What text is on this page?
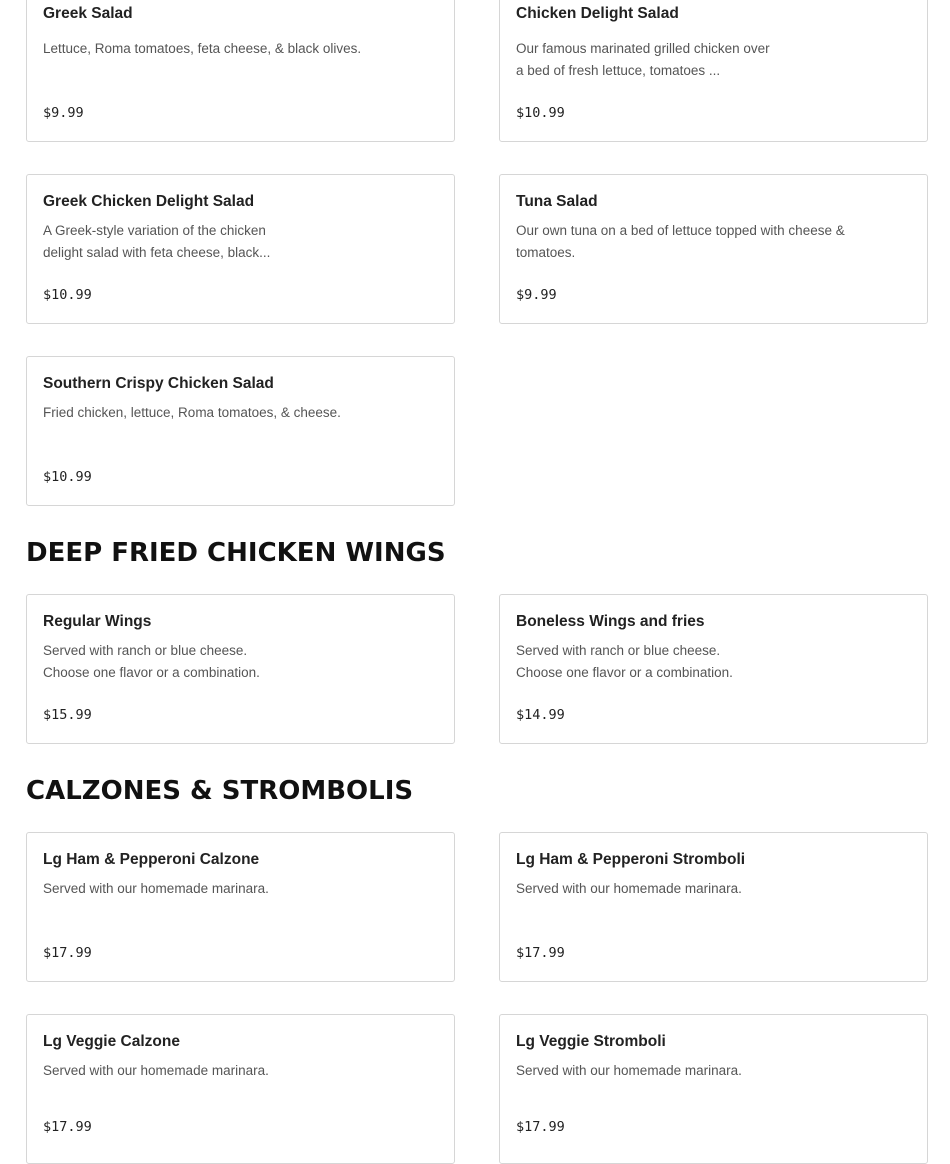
Greek Salad
Lettuce, Roma tomatoes, feta cheese, & black olives.
$9.99
Chicken Delight Salad
Our famous marinated grilled chicken over a bed of fresh lettuce, tomatoes ...
$10.99
Greek Chicken Delight Salad
A Greek-style variation of the chicken delight salad with feta cheese, black...
$10.99
Tuna Salad
Our own tuna on a bed of lettuce topped with cheese & tomatoes.
$9.99
Southern Crispy Chicken Salad
Fried chicken, lettuce, Roma tomatoes, & cheese.
$10.99
DEEP FRIED CHICKEN WINGS
Regular Wings
Served with ranch or blue cheese. Choose one flavor or a combination.
$15.99
Boneless Wings and fries
Served with ranch or blue cheese. Choose one flavor or a combination.
$14.99
CALZONES & STROMBOLIS
Lg Ham & Pepperoni Calzone
Served with our homemade marinara.
$17.99
Lg Ham & Pepperoni Stromboli
Served with our homemade marinara.
$17.99
Lg Veggie Calzone
Served with our homemade marinara.
$17.99
Lg Veggie Stromboli
Served with our homemade marinara.
$17.99
